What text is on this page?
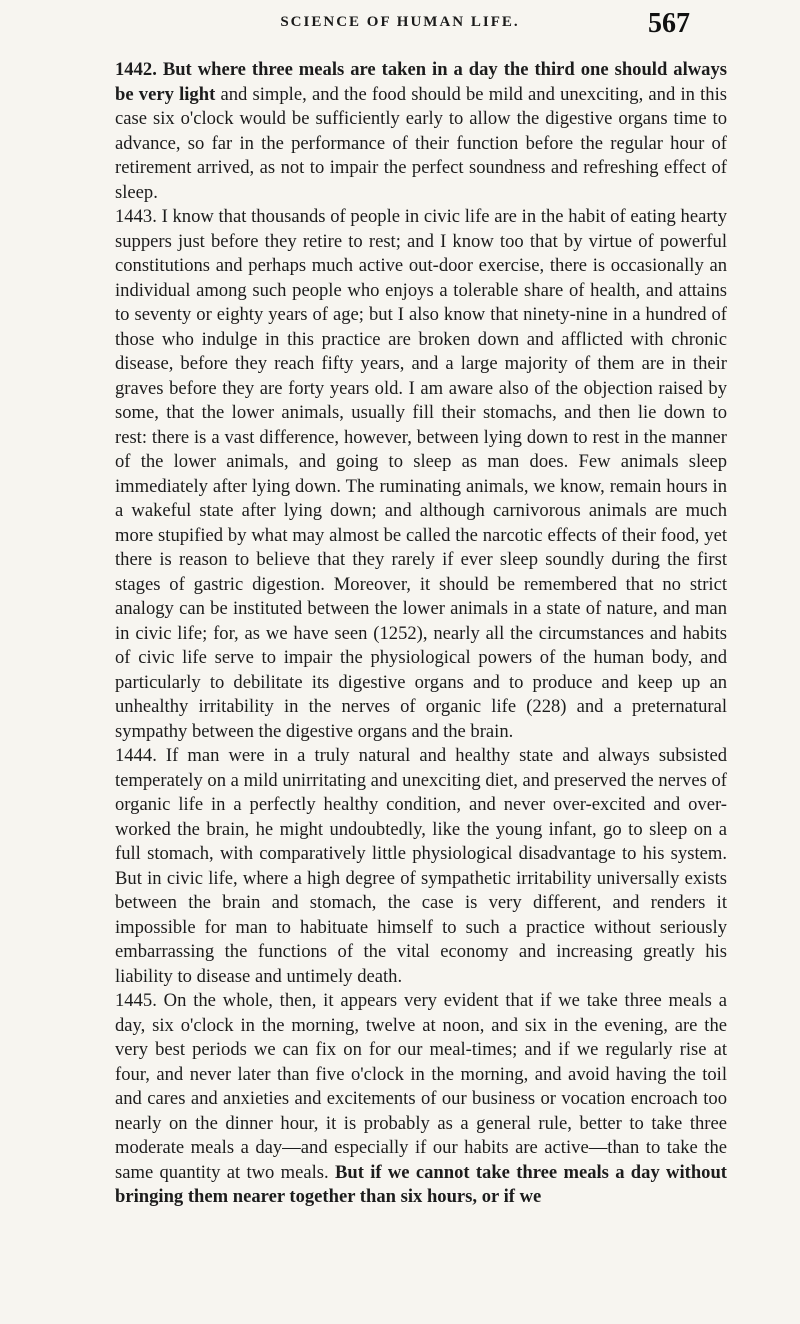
SCIENCE OF HUMAN LIFE.	567

1442. But where three meals are taken in a day the third one should always be very light and simple, and the food should be mild and unexciting, and in this case six o'clock would be sufficiently early to allow the digestive organs time to advance, so far in the performance of their function before the regular hour of retirement arrived, as not to impair the perfect soundness and refreshing effect of sleep.

1443. I know that thousands of people in civic life are in the habit of eating hearty suppers just before they retire to rest; and I know too that by virtue of powerful constitutions and perhaps much active out-door exercise, there is occasionally an individual among such people who enjoys a tolerable share of health, and attains to seventy or eighty years of age; but I also know that ninety-nine in a hundred of those who indulge in this practice are broken down and afflicted with chronic disease, before they reach fifty years, and a large majority of them are in their graves before they are forty years old. I am aware also of the objection raised by some, that the lower animals, usually fill their stomachs, and then lie down to rest: there is a vast difference, however, between lying down to rest in the manner of the lower animals, and going to sleep as man does. Few animals sleep immediately after lying down. The ruminating animals, we know, remain hours in a wakeful state after lying down; and although carnivorous animals are much more stupified by what may almost be called the narcotic effects of their food, yet there is reason to believe that they rarely if ever sleep soundly during the first stages of gastric digestion. Moreover, it should be remembered that no strict analogy can be instituted between the lower animals in a state of nature, and man in civic life; for, as we have seen (1252), nearly all the circumstances and habits of civic life serve to impair the physiological powers of the human body, and particularly to debilitate its digestive organs and to produce and keep up an unhealthy irritability in the nerves of organic life (228) and a preternatural sympathy between the digestive organs and the brain.

1444. If man were in a truly natural and healthy state and always subsisted temperately on a mild unirritating and unexciting diet, and preserved the nerves of organic life in a perfectly healthy condition, and never over-excited and over-worked the brain, he might undoubtedly, like the young infant, go to sleep on a full stomach, with comparatively little physiological disadvantage to his system. But in civic life, where a high degree of sympathetic irritability universally exists between the brain and stomach, the case is very different, and renders it impossible for man to habituate himself to such a practice without seriously embarrassing the functions of the vital economy and increasing greatly his liability to disease and untimely death.

1445. On the whole, then, it appears very evident that if we take three meals a day, six o'clock in the morning, twelve at noon, and six in the evening, are the very best periods we can fix on for our meal-times; and if we regularly rise at four, and never later than five o'clock in the morning, and avoid having the toil and cares and anxieties and excitements of our business or vocation encroach too nearly on the dinner hour, it is probably as a general rule, better to take three moderate meals a day—and especially if our habits are active—than to take the same quantity at two meals. But if we cannot take three meals a day without bringing them nearer together than six hours, or if we
